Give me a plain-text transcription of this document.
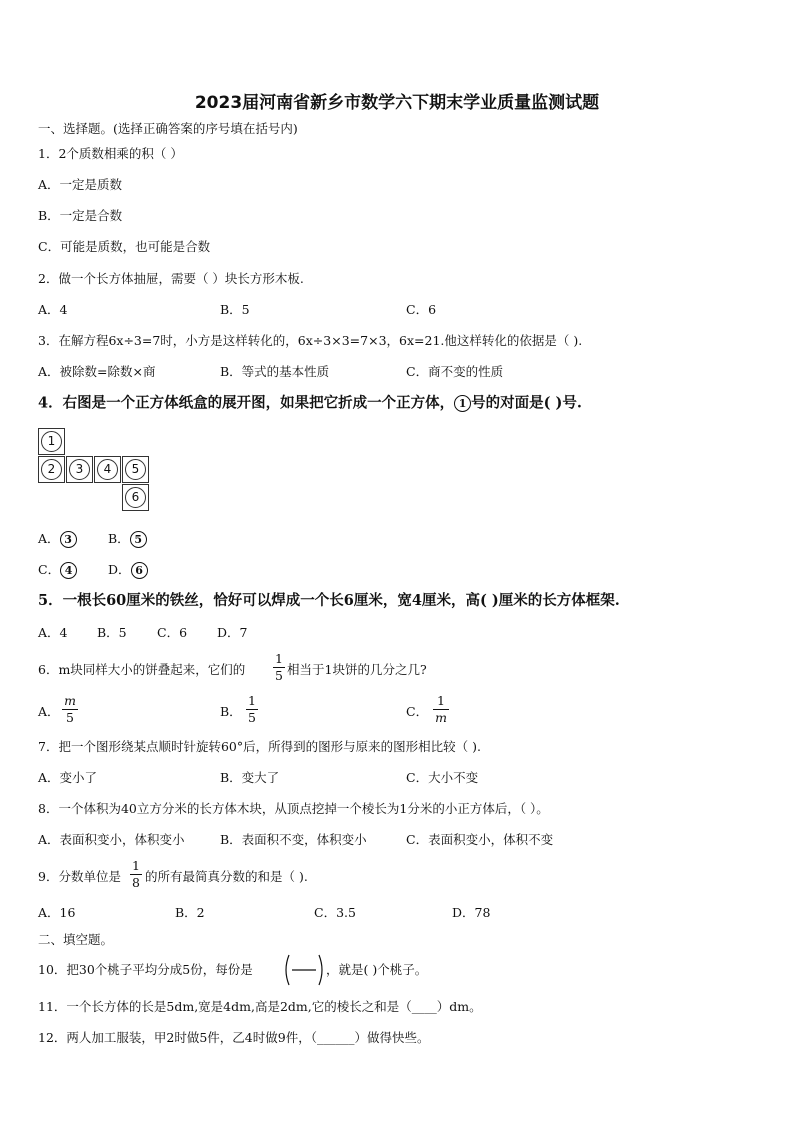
2023届河南省新乡市数学六下期末学业质量监测试题
一、选择题。(选择正确答案的序号填在括号内)
1．2个质数相乘的积（ ）
A．一定是质数
B．一定是合数
C．可能是质数，也可能是合数
2．做一个长方体抽屉，需要（ ）块长方形木板.
A．4	B．5	C．6
3．在解方程6x÷3=7时，小方是这样转化的，6x÷3×3=7×3，6x=21.他这样转化的依据是（ ).
A．被除数=除数×商	B．等式的基本性质	C．商不变的性质
4．右图是一个正方体纸盒的展开图，如果把它折成一个正方体， 1 号的对面是( )号.
1
2	3	4	5
6
A． 3	B． 5
C． 4	D． 6
5．一根长60厘米的铁丝，恰好可以焊成一个长6厘米，宽4厘米，高( )厘米的长方体框架.
A．4 B．5 C．6 D．7
6．m块同样大小的饼叠起来，它们的
1
5 相当于1块饼的几分之几?
A．
m
5	B．
1
5	C．
1
m
7．把一个图形绕某点顺时针旋转60°后，所得到的图形与原来的图形相比较（ ).
A．变小了	B．变大了	C．大小不变
8．一个体积为40立方分米的长方体木块，从顶点挖掉一个棱长为1分米的小正方体后，（ ）。
A．表面积变小，体积变小	B．表面积不变，体积变小	C．表面积变小，体积不变
9．分数单位是
1
8 的所有最简真分数的和是（ ).
A．16	B．2	C．3.5	D．78
二、填空题。
10．把30个桃子平均分成5份，每份是	，就是( )个桃子。
11．一个长方体的长是5dm,宽是4dm,高是2dm,它的棱长之和是（____）dm。
12．两人加工服装，甲2时做5件，乙4时做9件，（______）做得快些。
